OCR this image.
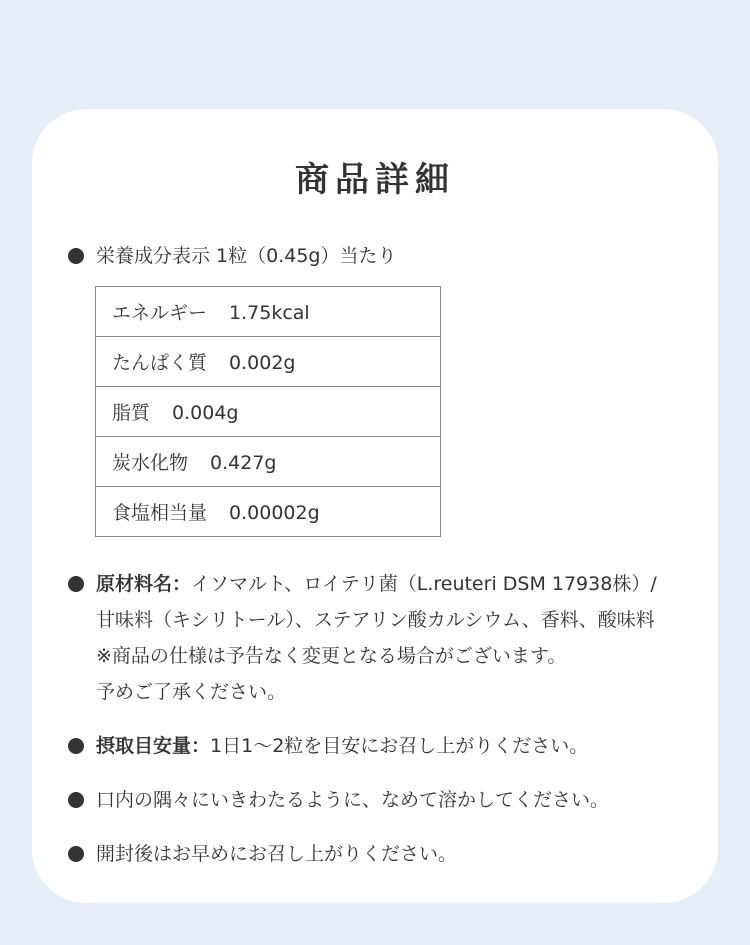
商品詳細
栄養成分表示 1粒（0.45g）当たり
エネルギー 1.75kcal
たんぱく質 0.002g
脂質 0.004g
炭水化物 0.427g
食塩相当量 0.00002g
原材料名：イソマルト、ロイテリ菌（L.reuteri DSM 17938株）/
甘味料（キシリトール）、ステアリン酸カルシウム、香料、酸味料
※商品の仕様は予告なく変更となる場合がございます。
予めご了承ください。
摂取目安量：1日1～2粒を目安にお召し上がりください。
口内の隅々にいきわたるように、なめて溶かしてください。
開封後はお早めにお召し上がりください。
